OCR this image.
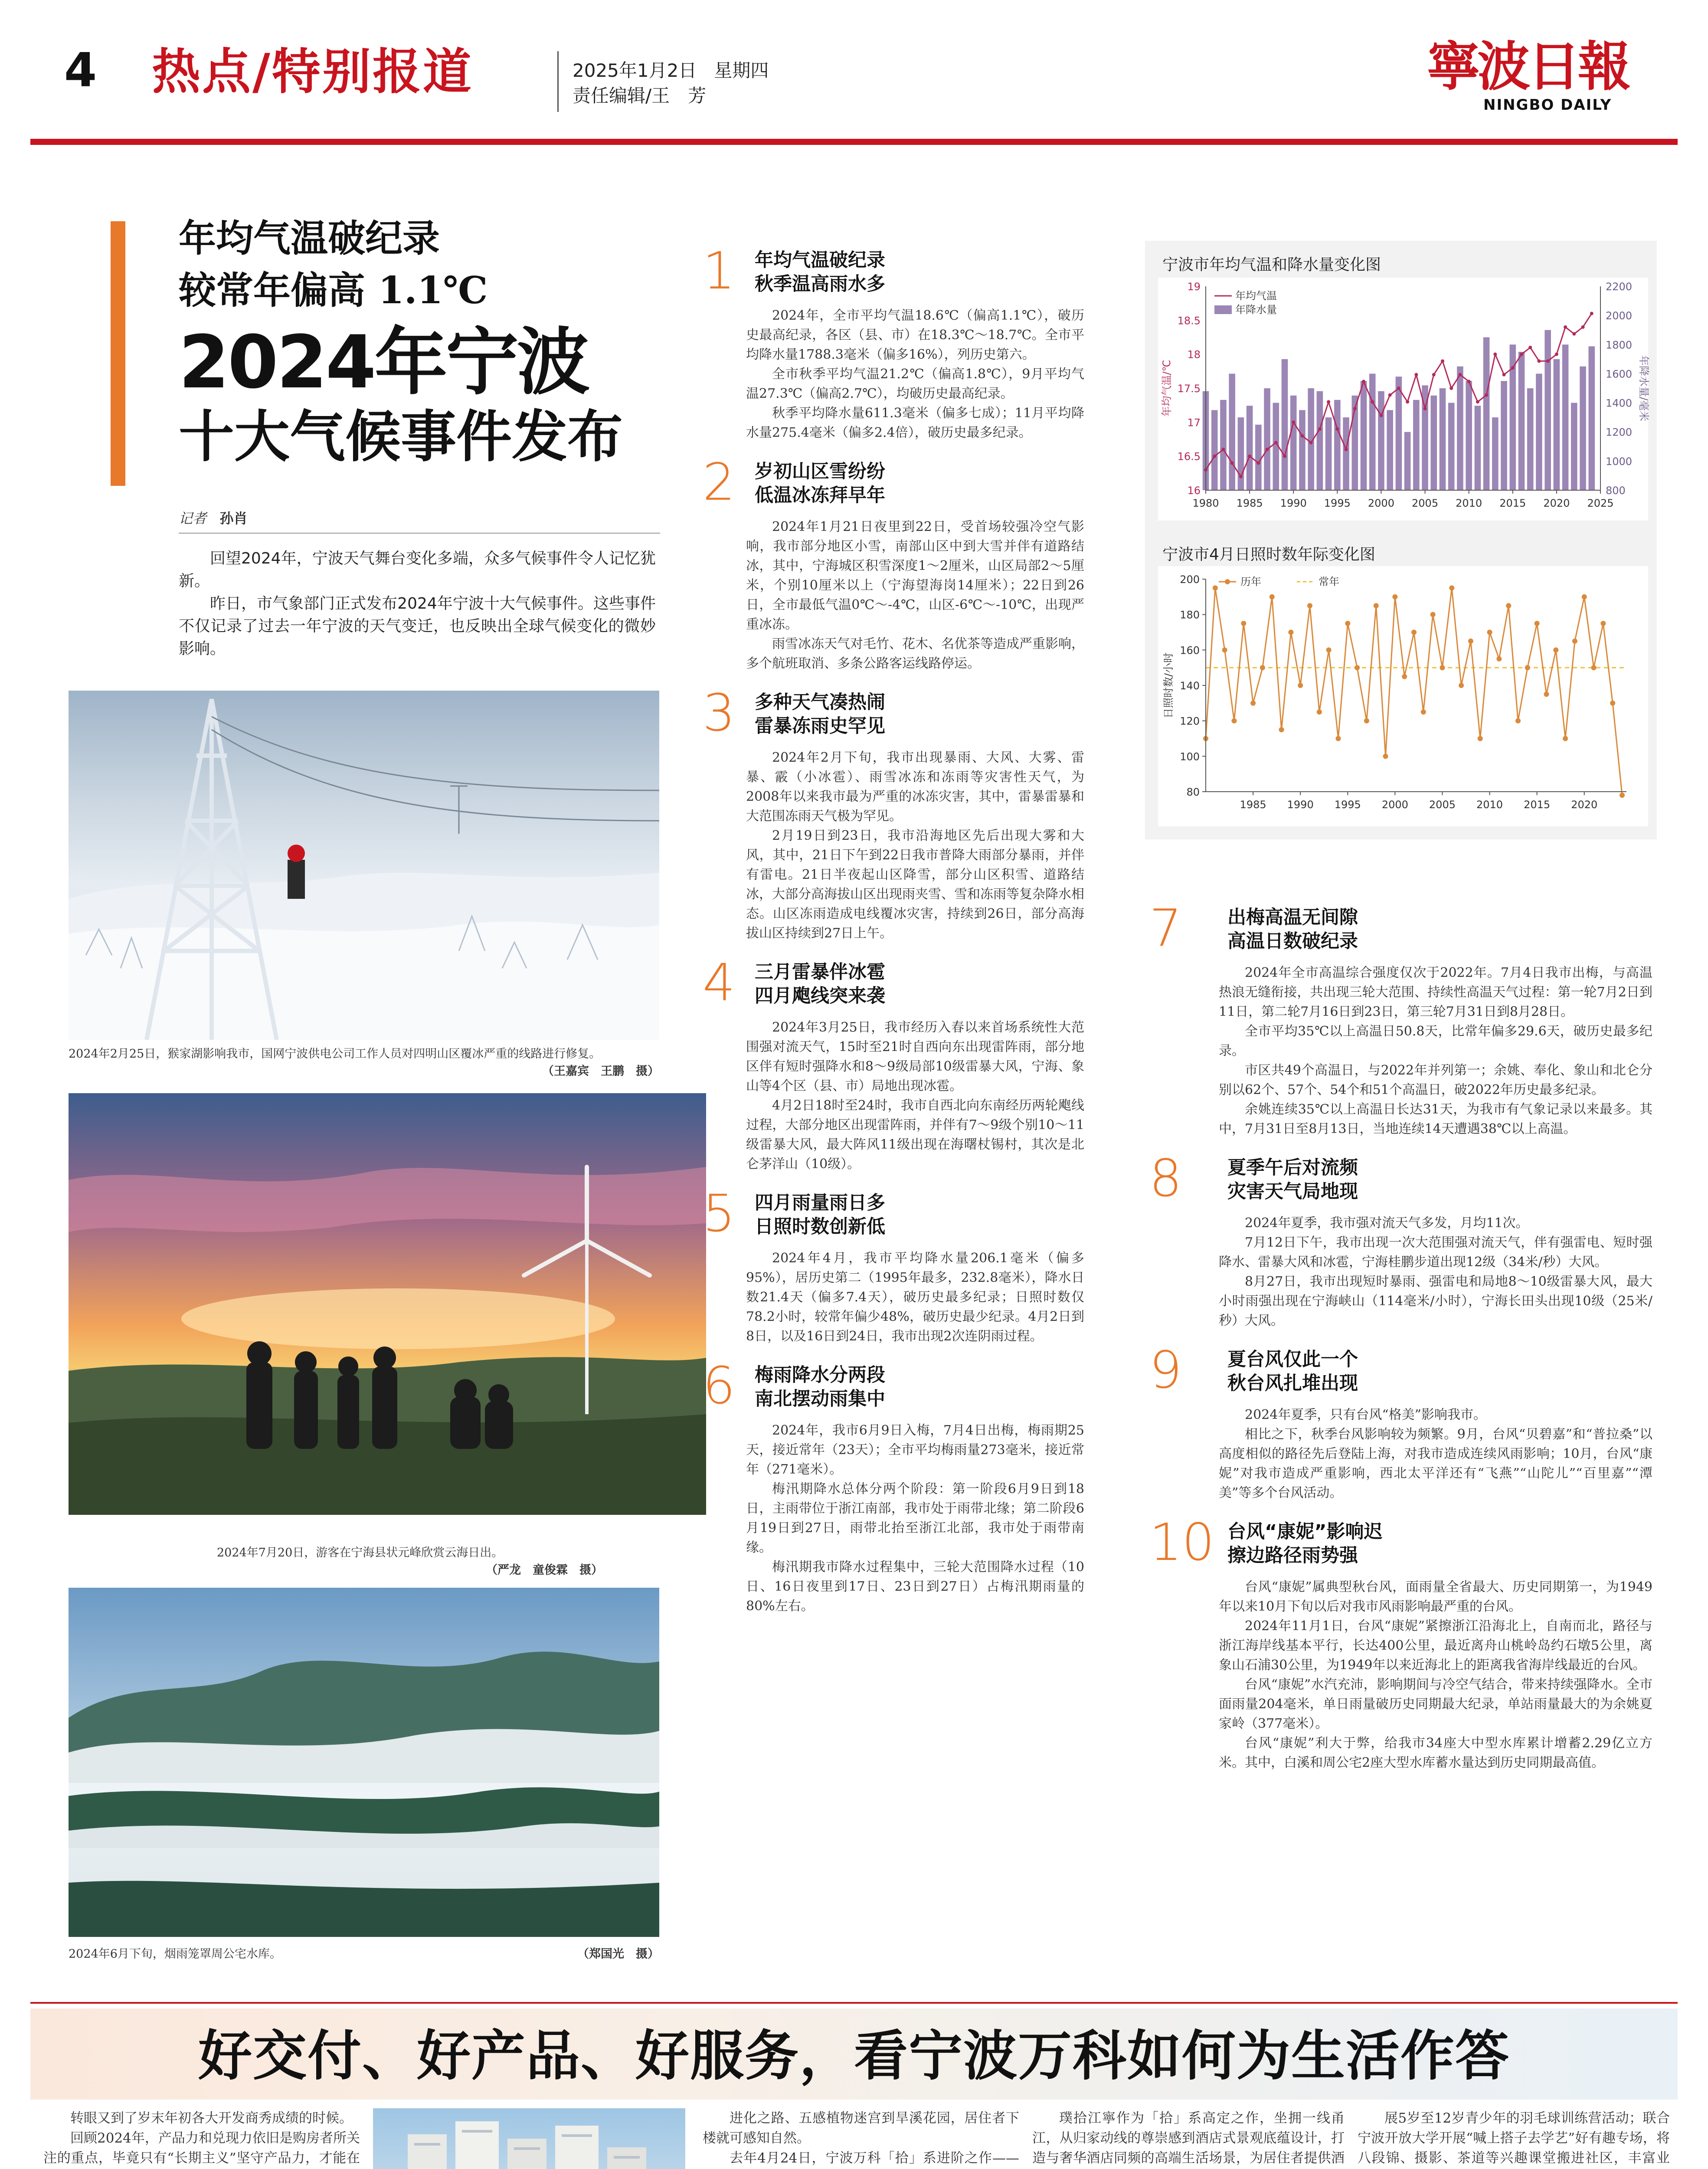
4 热点/特别报道	2025年1月2日 星期四
责任编辑/王　芳	寧波日報
NINGBO DAILY
年均气温破纪录
较常年偏高 1.1℃
2024年宁波
十大气候事件发布
记者 孙肖

回望2024年，宁波天气舞台变化多端，众多气候事件令人记忆犹新。

昨日，市气象部门正式发布2024年宁波十大气候事件。这些事件不仅记录了过去一年宁波的天气变迁，也反映出全球气候变化的微妙影响。

2024年2月25日，猴家湖影响我市，国网宁波供电公司工作人员对四明山区覆冰严重的线路进行修复。
（王嘉宾　王鹏　摄）
2024年7月20日，游客在宁海县状元峰欣赏云海日出。
（严龙　童俊霖　摄）
2024年6月下旬，烟雨笼罩周公宅水库。	（郑国光　摄）
1	年均气温破纪录
秋季温高雨水多

2024年，全市平均气温18.6℃（偏高1.1℃），破历史最高纪录，各区（县、市）在18.3℃～18.7℃。全市平均降水量1788.3毫米（偏多16%），列历史第六。

全市秋季平均气温21.2℃（偏高1.8℃），9月平均气温27.3℃（偏高2.7℃），均破历史最高纪录。

秋季平均降水量611.3毫米（偏多七成）；11月平均降水量275.4毫米（偏多2.4倍），破历史最多纪录。

2	岁初山区雪纷纷
低温冰冻拜早年

2024年1月21日夜里到22日，受首场较强冷空气影响，我市部分地区小雪，南部山区中到大雪并伴有道路结冰，其中，宁海城区积雪深度1～2厘米，山区局部2～5厘米，个别10厘米以上（宁海望海岗14厘米）；22日到26日，全市最低气温0℃～-4℃，山区-6℃～-10℃，出现严重冰冻。

雨雪冰冻天气对毛竹、花木、名优茶等造成严重影响，多个航班取消、多条公路客运线路停运。

3	多种天气凑热闹
雷暴冻雨史罕见

2024年2月下旬，我市出现暴雨、大风、大雾、雷暴、霰（小冰雹）、雨雪冰冻和冻雨等灾害性天气，为2008年以来我市最为严重的冰冻灾害，其中，雷暴雷暴和大范围冻雨天气极为罕见。

2月19日到23日，我市沿海地区先后出现大雾和大风，其中，21日下午到22日我市普降大雨部分暴雨，并伴有雷电。21日半夜起山区降雪，部分山区积雪、道路结冰，大部分高海拔山区出现雨夹雪、雪和冻雨等复杂降水相态。山区冻雨造成电线覆冰灾害，持续到26日，部分高海拔山区持续到27日上午。

4	三月雷暴伴冰雹
四月飑线突来袭

2024年3月25日，我市经历入春以来首场系统性大范围强对流天气，15时至21时自西向东出现雷阵雨，部分地区伴有短时强降水和8～9级局部10级雷暴大风，宁海、象山等4个区（县、市）局地出现冰雹。

4月2日18时至24时，我市自西北向东南经历两轮飑线过程，大部分地区出现雷阵雨，并伴有7～9级个别10～11级雷暴大风，最大阵风11级出现在海曙杖锡村，其次是北仑茅洋山（10级）。

5	四月雨量雨日多
日照时数创新低

2024年4月，我市平均降水量206.1毫米（偏多95%），居历史第二（1995年最多，232.8毫米），降水日数21.4天（偏多7.4天），破历史最多纪录；日照时数仅78.2小时，较常年偏少48%，破历史最少纪录。4月2日到8日，以及16日到24日，我市出现2次连阴雨过程。

6	梅雨降水分两段
南北摆动雨集中

2024年，我市6月9日入梅，7月4日出梅，梅雨期25天，接近常年（23天）；全市平均梅雨量273毫米，接近常年（271毫米）。

梅汛期降水总体分两个阶段：第一阶段6月9日到18日，主雨带位于浙江南部，我市处于雨带北缘；第二阶段6月19日到27日，雨带北抬至浙江北部，我市处于雨带南缘。

梅汛期我市降水过程集中，三轮大范围降水过程（10日、16日夜里到17日、23日到27日）占梅汛期雨量的80%左右。

宁波市年均气温和降水量变化图
16
16.5
17
17.5
18
18.5
19
800
1000
1200
1400
1600
1800
2000
2200
1980 1985 1990 1995 2000 2005 2010 2015 2020 2025
年均气温/℃	年降水量/毫米
年均气温
年降水量
宁波市4月日照时数年际变化图
80
100
120
140
160
180
200
1985 1990 1995 2000 2005 2010 2015 2020
日照时数/小时
历年	常年
7	出梅高温无间隙
高温日数破纪录

2024年全市高温综合强度仅次于2022年。7月4日我市出梅，与高温热浪无缝衔接，共出现三轮大范围、持续性高温天气过程：第一轮7月2日到11日，第二轮7月16日到23日，第三轮7月31日到8月28日。

全市平均35℃以上高温日50.8天，比常年偏多29.6天，破历史最多纪录。

市区共49个高温日，与2022年并列第一；余姚、奉化、象山和北仑分别以62个、57个、54个和51个高温日，破2022年历史最多纪录。

余姚连续35℃以上高温日长达31天，为我市有气象记录以来最多。其中，7月31日至8月13日，当地连续14天遭遇38℃以上高温。

8	夏季午后对流频
灾害天气局地现

2024年夏季，我市强对流天气多发，月均11次。

7月12日下午，我市出现一次大范围强对流天气，伴有强雷电、短时强降水、雷暴大风和冰雹，宁海桂鹏步道出现12级（34米/秒）大风。

8月27日，我市出现短时暴雨、强雷电和局地8～10级雷暴大风，最大小时雨强出现在宁海峡山（114毫米/小时），宁海长田头出现10级（25米/秒）大风。

9	夏台风仅此一个
秋台风扎堆出现

2024年夏季，只有台风“格美”影响我市。

相比之下，秋季台风影响较为频繁。9月，台风“贝碧嘉”和“普拉桑”以高度相似的路径先后登陆上海，对我市造成连续风雨影响；10月，台风“康妮”对我市造成严重影响，西北太平洋还有“飞燕”“山陀儿”“百里嘉”“潭美”等多个台风活动。

10 台风“康妮”影响迟
擦边路径雨势强

台风“康妮”属典型秋台风，面雨量全省最大、历史同期第一，为1949年以来10月下旬以后对我市风雨影响最严重的台风。

2024年11月1日，台风“康妮”紧擦浙江沿海北上，自南而北，路径与浙江海岸线基本平行，长达400公里，最近离舟山桃岭岛约石墩5公里，离象山石浦30公里，为1949年以来近海北上的距离我省海岸线最近的台风。

台风“康妮”水汽充沛，影响期间与冷空气结合，带来持续强降水。全市面雨量204毫米，单日雨量破历史同期最大纪录，单站雨量最大的为余姚夏家岭（377毫米）。

台风“康妮”利大于弊，给我市34座大中型水库累计增蓄2.29亿立方米。其中，白溪和周公宅2座大型水库蓄水量达到历史同期最高值。

好交付、好产品、好服务，看宁波万科如何为生活作答

转眼又到了岁末年初各大开发商秀成绩的时候。

回顾2024年，产品力和兑现力依旧是购房者所关注的重点，毕竟只有“长期主义”坚守产品力，才能在

进化之路、五感植物迷宫到旱溪花园，居住者下楼就可感知自然。

去年4月24日，宁波万科「拾」系进阶之作——

璞拾江寧作为「拾」系高定之作，坐拥一线甬江，从归家动线的尊崇感到酒店式景观底蕴设计，打造与奢华酒店同频的高端生活场景，为居住者提供酒

展5岁至12岁青少年的羽毛球训练营活动；联合宁波开放大学开展“喊上搭子去学艺”好有趣专场，将八段锦、摄影、茶道等兴趣课堂搬进社区，丰富业
